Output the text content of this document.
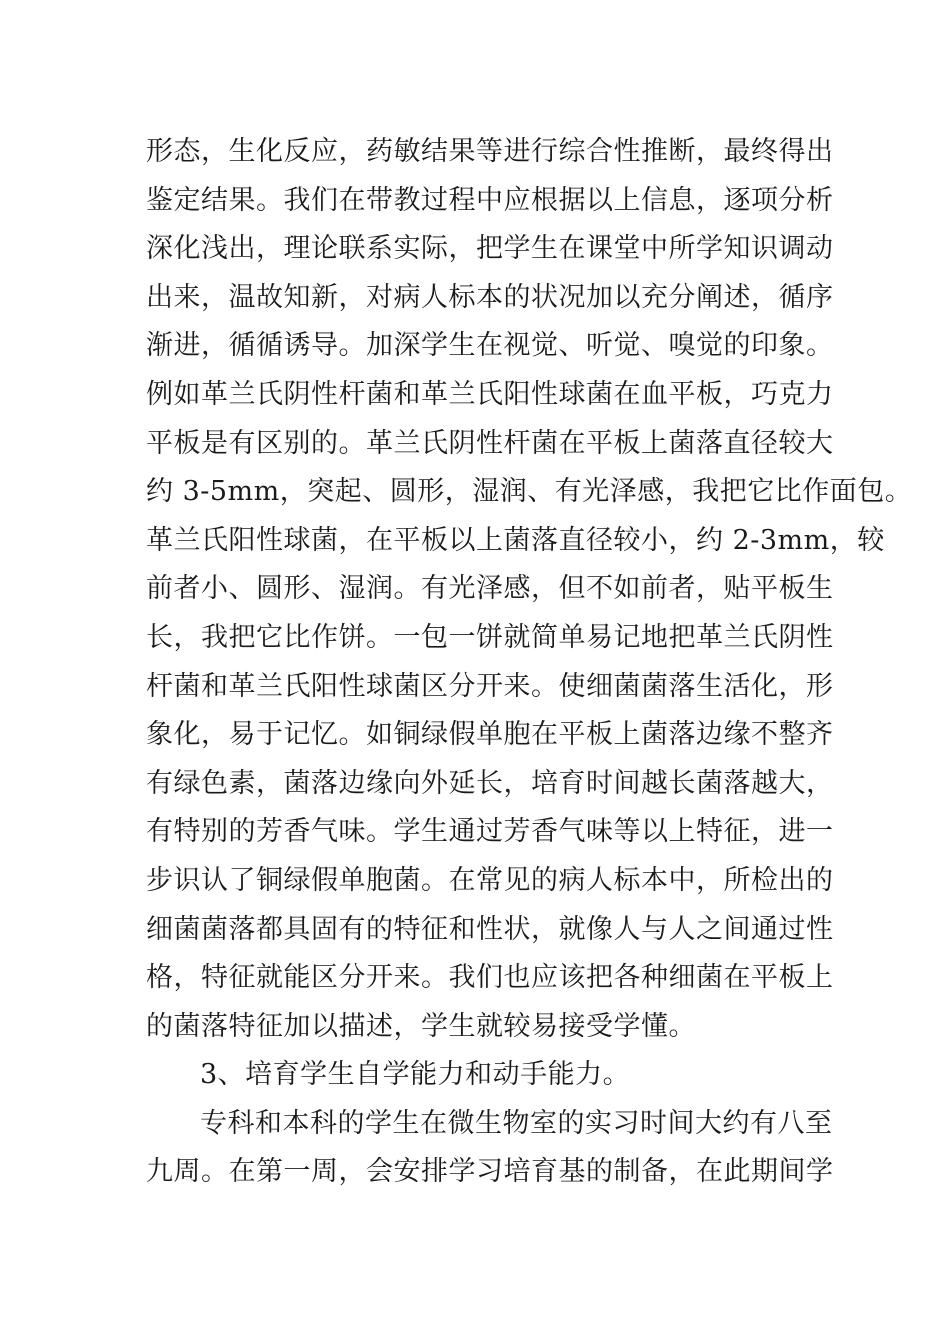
形态，生化反应，药敏结果等进行综合性推断，最终得出
鉴定结果。我们在带教过程中应根据以上信息，逐项分析
深化浅出，理论联系实际，把学生在课堂中所学知识调动
出来，温故知新，对病人标本的状况加以充分阐述，循序
渐进，循循诱导。加深学生在视觉、听觉、嗅觉的印象。
例如革兰氏阴性杆菌和革兰氏阳性球菌在血平板，巧克力
平板是有区别的。革兰氏阴性杆菌在平板上菌落直径较大
约 3-5mm，突起、圆形，湿润、有光泽感，我把它比作面包。
革兰氏阳性球菌，在平板以上菌落直径较小，约 2-3mm，较
前者小、圆形、湿润。有光泽感，但不如前者，贴平板生
长，我把它比作饼。一包一饼就简单易记地把革兰氏阴性
杆菌和革兰氏阳性球菌区分开来。使细菌菌落生活化，形
象化，易于记忆。如铜绿假单胞在平板上菌落边缘不整齐
有绿色素，菌落边缘向外延长，培育时间越长菌落越大，
有特别的芳香气味。学生通过芳香气味等以上特征，进一
步识认了铜绿假单胞菌。在常见的病人标本中，所检出的
细菌菌落都具固有的特征和性状，就像人与人之间通过性
格，特征就能区分开来。我们也应该把各种细菌在平板上
的菌落特征加以描述，学生就较易接受学懂。
3、培育学生自学能力和动手能力。
专科和本科的学生在微生物室的实习时间大约有八至
九周。在第一周，会安排学习培育基的制备，在此期间学
